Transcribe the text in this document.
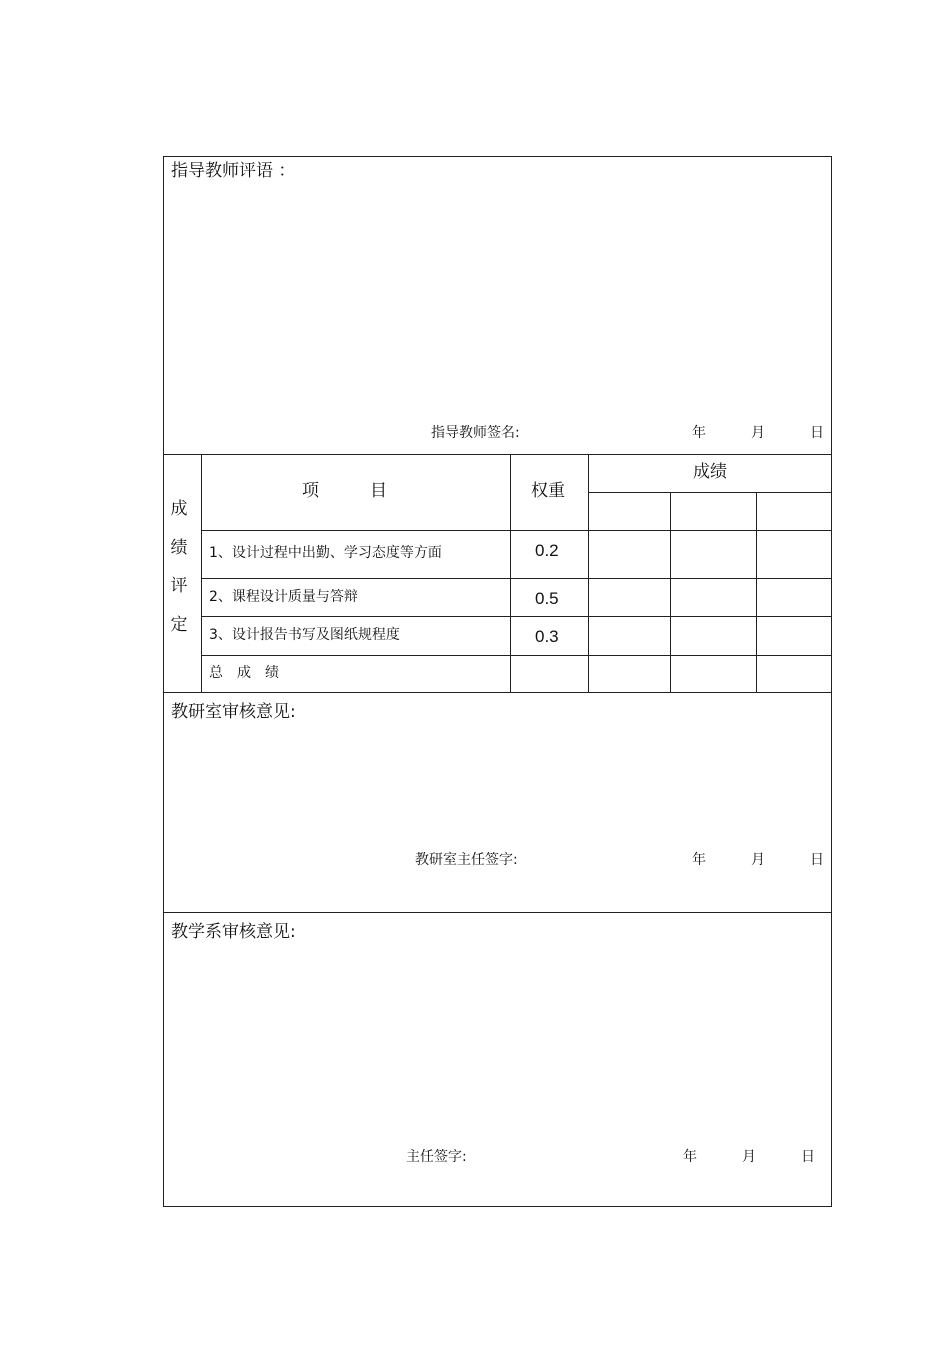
指导教师评语 ：
指导教师签名:	年	月	日
成
绩
评
定
项　　　目	权重
成绩
1、设计过程中出勤、学习态度等方面	0.2
2、课程设计质量与答辩	0.5
3、设计报告书写及图纸规程度	0.3
总　成　绩
教研室审核意见:
教研室主任签字:	年	月	日
教学系审核意见:
主任签字:	年	月	日
